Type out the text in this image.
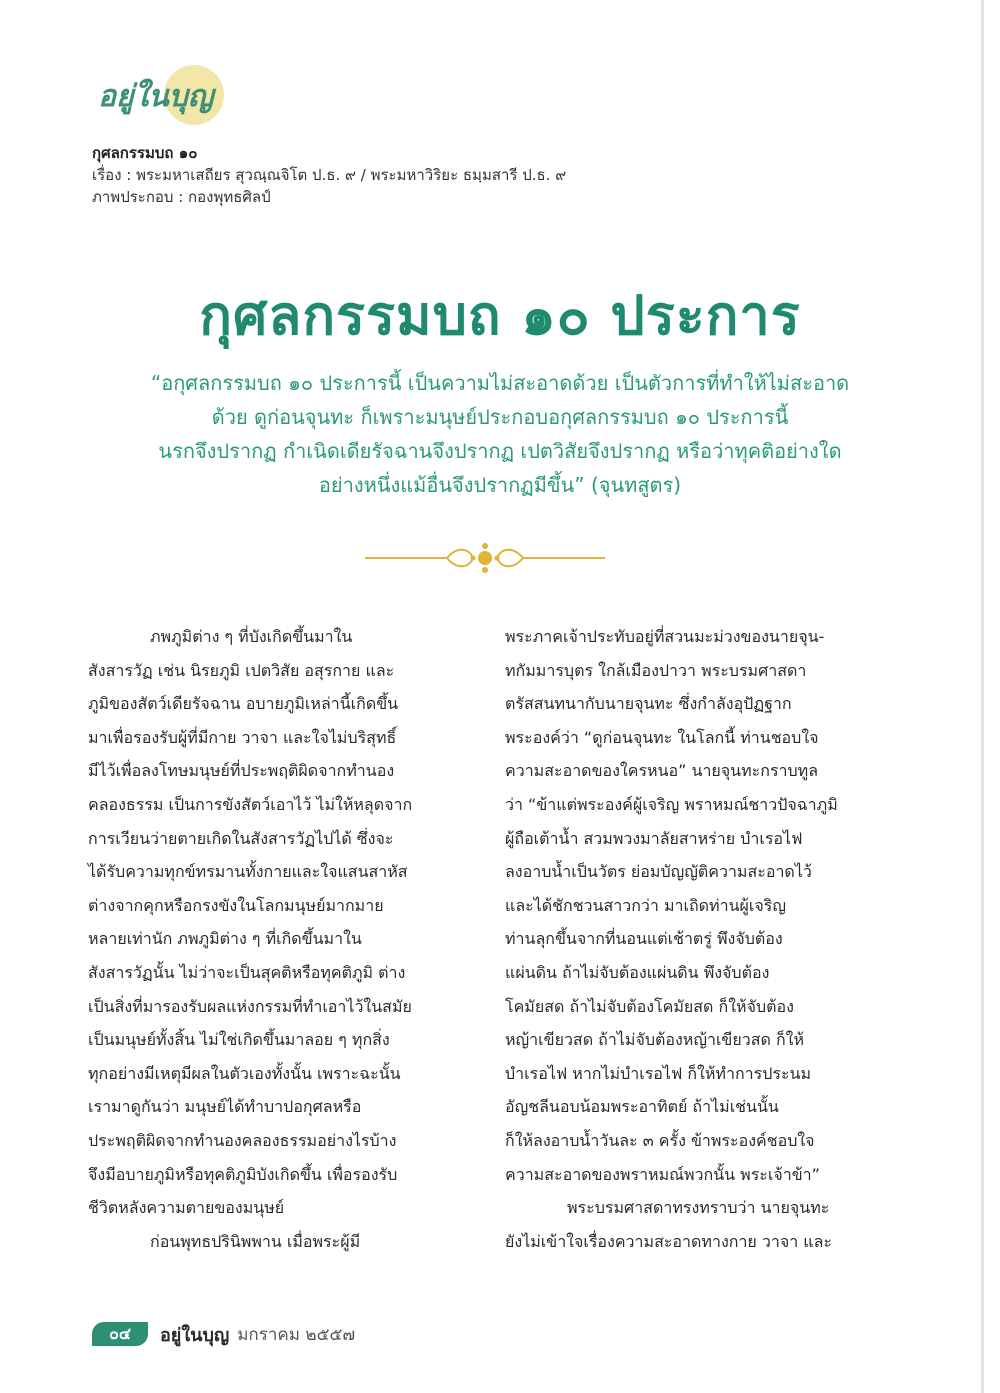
อยู่ในบุญ
กุศลกรรมบถ ๑๐
เรื่อง : พระมหาเสถียร สุวณฺณจิโต ป.ธ. ๙ / พระมหาวิริยะ ธมฺมสารี ป.ธ. ๙
ภาพประกอบ : กองพุทธศิลป์
กุศลกรรมบถ ๑๐ ประการ
“อกุศลกรรมบถ ๑๐ ประการนี้ เป็นความไม่สะอาดด้วย เป็นตัวการที่ทำให้ไม่สะอาด
ด้วย ดูก่อนจุนทะ ก็เพราะมนุษย์ประกอบอกุศลกรรมบถ ๑๐ ประการนี้
นรกจึงปรากฏ กำเนิดเดียรัจฉานจึงปรากฏ เปตวิสัยจึงปรากฏ หรือว่าทุคติอย่างใด
อย่างหนึ่งแม้อื่นจึงปรากฏมีขึ้น” (จุนทสูตร)

ภพภูมิต่าง ๆ ที่บังเกิดขึ้นมาใน

สังสารวัฏ เช่น นิรยภูมิ เปตวิสัย อสุรกาย และ

ภูมิของสัตว์เดียรัจฉาน อบายภูมิเหล่านี้เกิดขึ้น

มาเพื่อรองรับผู้ที่มีกาย วาจา และใจไม่บริสุทธิ์

มีไว้เพื่อลงโทษมนุษย์ที่ประพฤติผิดจากทำนอง

คลองธรรม เป็นการขังสัตว์เอาไว้ ไม่ให้หลุดจาก

การเวียนว่ายตายเกิดในสังสารวัฏไปได้ ซึ่งจะ

ได้รับความทุกข์ทรมานทั้งกายและใจแสนสาหัส

ต่างจากคุกหรือกรงขังในโลกมนุษย์มากมาย

หลายเท่านัก ภพภูมิต่าง ๆ ที่เกิดขึ้นมาใน

สังสารวัฏนั้น ไม่ว่าจะเป็นสุคติหรือทุคติภูมิ ต่าง

เป็นสิ่งที่มารองรับผลแห่งกรรมที่ทำเอาไว้ในสมัย

เป็นมนุษย์ทั้งสิ้น ไม่ใช่เกิดขึ้นมาลอย ๆ ทุกสิ่ง

ทุกอย่างมีเหตุมีผลในตัวเองทั้งนั้น เพราะฉะนั้น

เรามาดูกันว่า มนุษย์ได้ทำบาปอกุศลหรือ

ประพฤติผิดจากทำนองคลองธรรมอย่างไรบ้าง

จึงมีอบายภูมิหรือทุคติภูมิบังเกิดขึ้น เพื่อรองรับ

ชีวิตหลังความตายของมนุษย์

ก่อนพุทธปรินิพพาน เมื่อพระผู้มี

พระภาคเจ้าประทับอยู่ที่สวนมะม่วงของนายจุน-

ทกัมมารบุตร ใกล้เมืองปาวา พระบรมศาสดา

ตรัสสนทนากับนายจุนทะ ซึ่งกำลังอุปัฏฐาก

พระองค์ว่า “ดูก่อนจุนทะ ในโลกนี้ ท่านชอบใจ

ความสะอาดของใครหนอ” นายจุนทะกราบทูล

ว่า “ข้าแต่พระองค์ผู้เจริญ พราหมณ์ชาวปัจฉาภูมิ

ผู้ถือเต้าน้ำ สวมพวงมาลัยสาหร่าย บำเรอไฟ

ลงอาบน้ำเป็นวัตร ย่อมบัญญัติความสะอาดไว้

และได้ชักชวนสาวกว่า มาเถิดท่านผู้เจริญ

ท่านลุกขึ้นจากที่นอนแต่เช้าตรู่ พึงจับต้อง

แผ่นดิน ถ้าไม่จับต้องแผ่นดิน พึงจับต้อง

โคมัยสด ถ้าไม่จับต้องโคมัยสด ก็ให้จับต้อง

หญ้าเขียวสด ถ้าไม่จับต้องหญ้าเขียวสด ก็ให้

บำเรอไฟ หากไม่บำเรอไฟ ก็ให้ทำการประนม

อัญชลีนอบน้อมพระอาทิตย์ ถ้าไม่เช่นนั้น

ก็ให้ลงอาบน้ำวันละ ๓ ครั้ง ข้าพระองค์ชอบใจ

ความสะอาดของพราหมณ์พวกนั้น พระเจ้าข้า”

พระบรมศาสดาทรงทราบว่า นายจุนทะ

ยังไม่เข้าใจเรื่องความสะอาดทางกาย วาจา และ

๐๔	อยู่ในบุญ มกราคม ๒๕๕๗
